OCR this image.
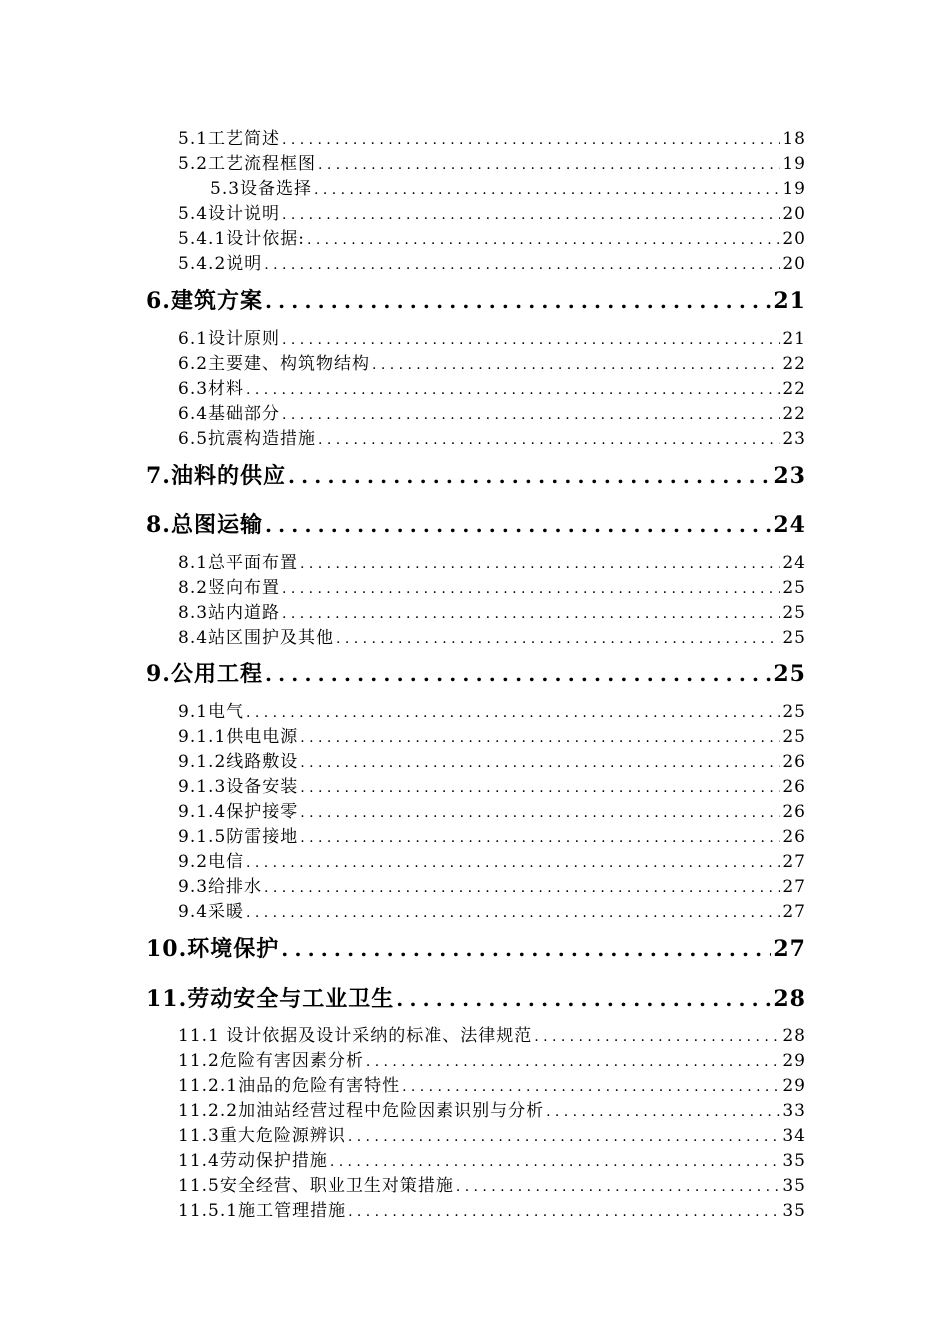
5.1工艺简述 .....	18
5.2工艺流程框图 .....	19
5.3设备选择 .....	19
5.4设计说明 .....	20
5.4.1设计依据: .....	20
5.4.2说明 .....	20
6.建筑方案 .....	21
6.1设计原则 .....	21
6.2主要建、构筑物结构 .....	22
6.3材料 .....	22
6.4基础部分 .....	22
6.5抗震构造措施 .....	23
7.油料的供应 .....	23
8.总图运输 .....	24
8.1总平面布置 .....	24
8.2竖向布置 .....	25
8.3站内道路 .....	25
8.4站区围护及其他 .....	25
9.公用工程 .....	25
9.1电气 .....	25
9.1.1供电电源 .....	25
9.1.2线路敷设 .....	26
9.1.3设备安装 .....	26
9.1.4保护接零 .....	26
9.1.5防雷接地 .....	26
9.2电信 .....	27
9.3给排水 .....	27
9.4采暖 .....	27
10.环境保护 .....	27
11.劳动安全与工业卫生 .....	28
11.1 设计依据及设计采纳的标准、法律规范 .....	28
11.2危险有害因素分析 .....	29
11.2.1油品的危险有害特性 .....	29
11.2.2加油站经营过程中危险因素识别与分析 .....	33
11.3重大危险源辨识 .....	34
11.4劳动保护措施 .....	35
11.5安全经营、职业卫生对策措施 .....	35
11.5.1施工管理措施 .....	35
